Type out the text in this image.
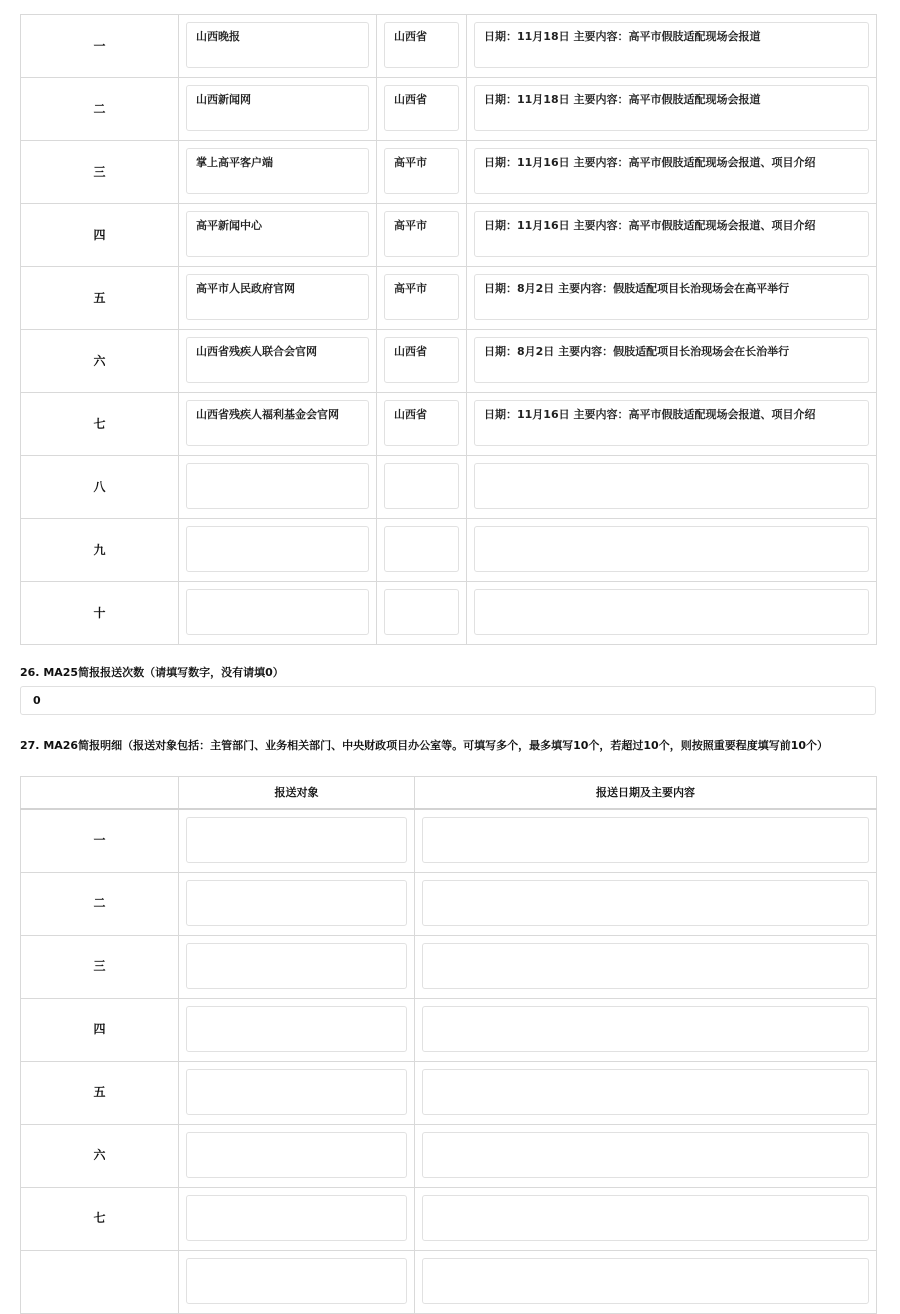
一	山西晚报	山西省	日期：11月18日 主要内容：高平市假肢适配现场会报道

二	山西新闻网	山西省	日期：11月18日 主要内容：高平市假肢适配现场会报道

三	掌上高平客户端	高平市	日期：11月16日 主要内容：高平市假肢适配现场会报道、项目介绍

四	高平新闻中心	高平市	日期：11月16日 主要内容：高平市假肢适配现场会报道、项目介绍

五	高平市人民政府官网	高平市	日期：8月2日 主要内容：假肢适配项目长治现场会在高平举行

六	山西省残疾人联合会官网	山西省	日期：8月2日 主要内容：假肢适配项目长治现场会在长治举行

七	山西省残疾人福利基金会官网	山西省	日期：11月16日 主要内容：高平市假肢适配现场会报道、项目介绍

八	

九	

十	

26. MA25简报报送次数（请填写数字，没有请填0）
0
27. MA26简报明细（报送对象包括：主管部门、业务相关部门、中央财政项目办公室等。可填写多个，最多填写10个，若超过10个，则按照重要程度填写前10个）
	报送对象	报送日期及主要内容
一	

二	

三	

四	

五	

六	

七	
